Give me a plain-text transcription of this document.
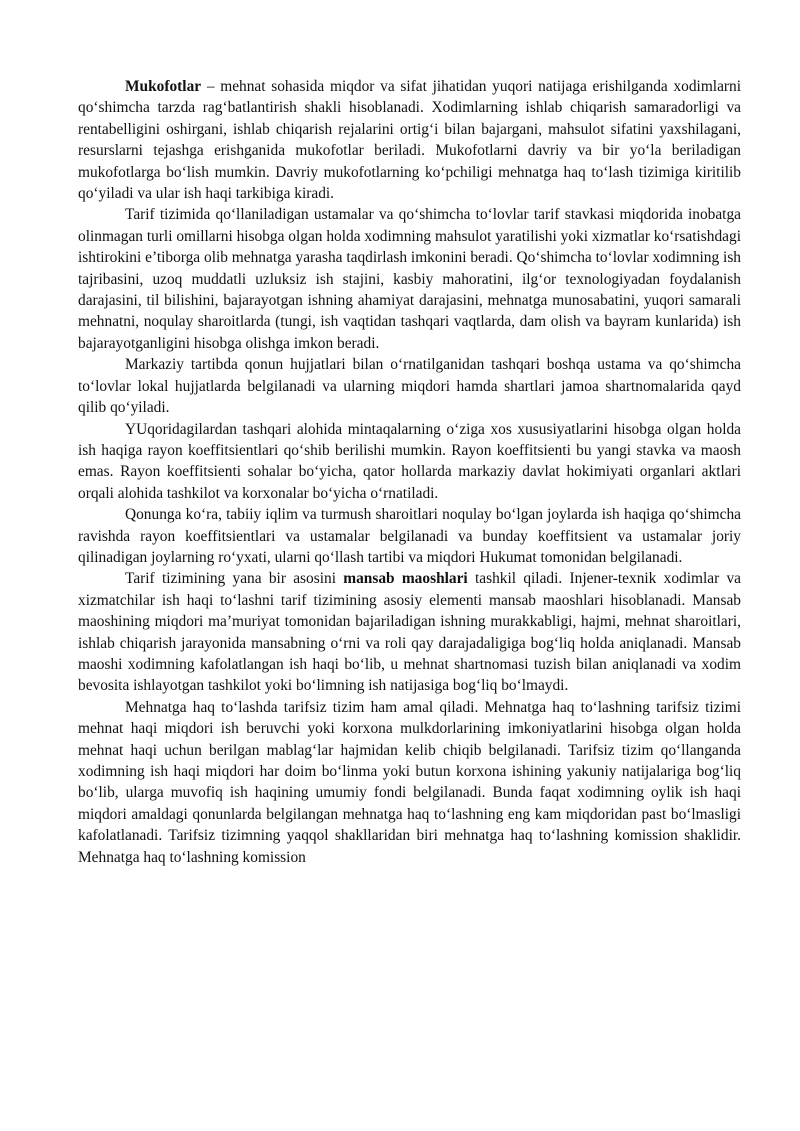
Mukofotlar – mehnat sohasida miqdor va sifat jihatidan yuqori natijaga erishilganda xodimlarni qo‘shimcha tarzda rag‘batlantirish shakli hisoblanadi. Xodimlarning ishlab chiqarish samaradorligi va rentabelligini oshirgani, ishlab chiqarish rejalarini ortig‘i bilan bajargani, mahsulot sifatini yaxshilagani, resurslarni tejashga erishganida mukofotlar beriladi. Mukofotlarni davriy va bir yo‘la beriladigan mukofotlarga bo‘lish mumkin. Davriy mukofotlarning ko‘pchiligi mehnatga haq to‘lash tizimiga kiritilib qo‘yiladi va ular ish haqi tarkibiga kiradi.

Tarif tizimida qo‘llaniladigan ustamalar va qo‘shimcha to‘lovlar tarif stavkasi miqdorida inobatga olinmagan turli omillarni hisobga olgan holda xodimning mahsulot yaratilishi yoki xizmatlar ko‘rsatishdagi ishtirokini e’tiborga olib mehnatga yarasha taqdirlash imkonini beradi. Qo‘shimcha to‘lovlar xodimning ish tajribasini, uzoq muddatli uzluksiz ish stajini, kasbiy mahoratini, ilg‘or texnologiyadan foydalanish darajasini, til bilishini, bajarayotgan ishning ahamiyat darajasini, mehnatga munosabatini, yuqori samarali mehnatni, noqulay sharoitlarda (tungi, ish vaqtidan tashqari vaqtlarda, dam olish va bayram kunlarida) ish bajarayotganligini hisobga olishga imkon beradi.

Markaziy tartibda qonun hujjatlari bilan o‘rnatilganidan tashqari boshqa ustama va qo‘shimcha to‘lovlar lokal hujjatlarda belgilanadi va ularning miqdori hamda shartlari jamoa shartnomalarida qayd qilib qo‘yiladi.

YUqoridagilardan tashqari alohida mintaqalarning o‘ziga xos xususiyatlarini hisobga olgan holda ish haqiga rayon koeffitsientlari qo‘shib berilishi mumkin. Rayon koeffitsienti bu yangi stavka va maosh emas. Rayon koeffitsienti sohalar bo‘yicha, qator hollarda markaziy davlat hokimiyati organlari aktlari orqali alohida tashkilot va korxonalar bo‘yicha o‘rnatiladi.

Qonunga ko‘ra, tabiiy iqlim va turmush sharoitlari noqulay bo‘lgan joylarda ish haqiga qo‘shimcha ravishda rayon koeffitsientlari va ustamalar belgilanadi va bunday koeffitsient va ustamalar joriy qilinadigan joylarning ro‘yxati, ularni qo‘llash tartibi va miqdori Hukumat tomonidan belgilanadi.

Tarif tizimining yana bir asosini mansab maoshlari tashkil qiladi. Injener-texnik xodimlar va xizmatchilar ish haqi to‘lashni tarif tizimining asosiy elementi mansab maoshlari hisoblanadi. Mansab maoshining miqdori ma’muriyat tomonidan bajariladigan ishning murakkabligi, hajmi, mehnat sharoitlari, ishlab chiqarish jarayonida mansabning o‘rni va roli qay darajadaligiga bog‘liq holda aniqlanadi. Mansab maoshi xodimning kafolatlangan ish haqi bo‘lib, u mehnat shartnomasi tuzish bilan aniqlanadi va xodim bevosita ishlayotgan tashkilot yoki bo‘limning ish natijasiga bog‘liq bo‘lmaydi.

Mehnatga haq to‘lashda tarifsiz tizim ham amal qiladi. Mehnatga haq to‘lashning tarifsiz tizimi mehnat haqi miqdori ish beruvchi yoki korxona mulkdorlarining imkoniyatlarini hisobga olgan holda mehnat haqi uchun berilgan mablag‘lar hajmidan kelib chiqib belgilanadi. Tarifsiz tizim qo‘llanganda xodimning ish haqi miqdori har doim bo‘linma yoki butun korxona ishining yakuniy natijalariga bog‘liq bo‘lib, ularga muvofiq ish haqining umumiy fondi belgilanadi. Bunda faqat xodimning oylik ish haqi miqdori amaldagi qonunlarda belgilangan mehnatga haq to‘lashning eng kam miqdoridan past bo‘lmasligi kafolatlanadi. Tarifsiz tizimning yaqqol shakllaridan biri mehnatga haq to‘lashning komission shaklidir. Mehnatga haq to‘lashning komission
